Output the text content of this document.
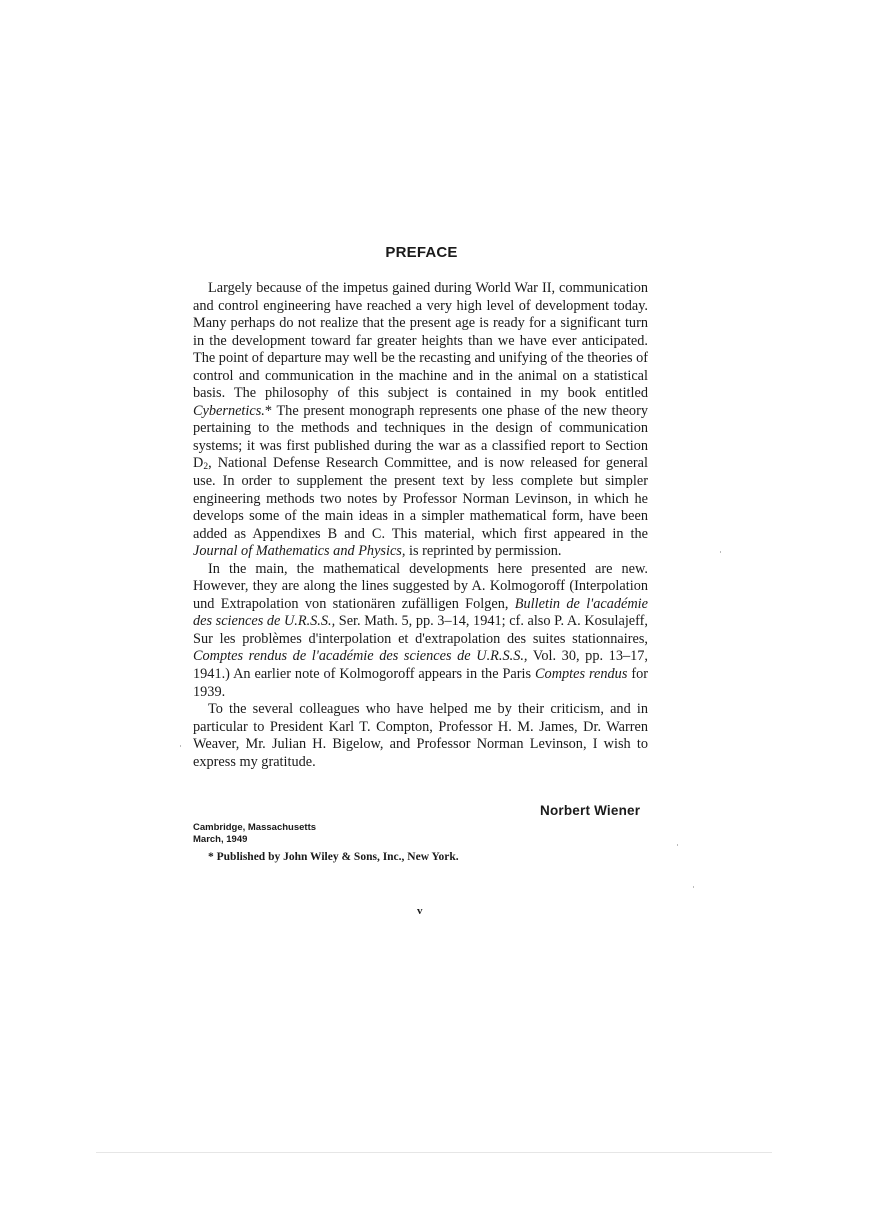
PREFACE

Largely because of the impetus gained during World War II, communication and control engineering have reached a very high level of development today. Many perhaps do not realize that the present age is ready for a significant turn in the development toward far greater heights than we have ever anticipated. The point of departure may well be the recasting and unifying of the theories of control and communication in the machine and in the animal on a statistical basis. The philosophy of this subject is contained in my book entitled Cybernetics.* The present monograph represents one phase of the new theory pertaining to the methods and techniques in the design of communication systems; it was first published during the war as a classified report to Section $D_2$, National Defense Research Committee, and is now released for general use. In order to supplement the present text by less complete but simpler engineering methods two notes by Professor Norman Levinson, in which he develops some of the main ideas in a simpler mathematical form, have been added as Appendixes B and C. This material, which first appeared in the Journal of Mathematics and Physics, is reprinted by permission.

In the main, the mathematical developments here presented are new. However, they are along the lines suggested by A. Kolmogoroff (Interpolation und Extrapolation von stationären zufälligen Folgen, Bulletin de l'académie des sciences de U.R.S.S., Ser. Math. 5, pp. 3–14, 1941; cf. also P. A. Kosulajeff, Sur les problèmes d'interpolation et d'extrapolation des suites stationnaires, Comptes rendus de l'académie des sciences de U.R.S.S., Vol. 30, pp. 13–17, 1941.) An earlier note of Kolmogoroff appears in the Paris Comptes rendus for 1939.

To the several colleagues who have helped me by their criticism, and in particular to President Karl T. Compton, Professor H. M. James, Dr. Warren Weaver, Mr. Julian H. Bigelow, and Professor Norman Levinson, I wish to express my gratitude.

Norbert Wiener
Cambridge, Massachusetts
March, 1949
* Published by John Wiley & Sons, Inc., New York.
v
